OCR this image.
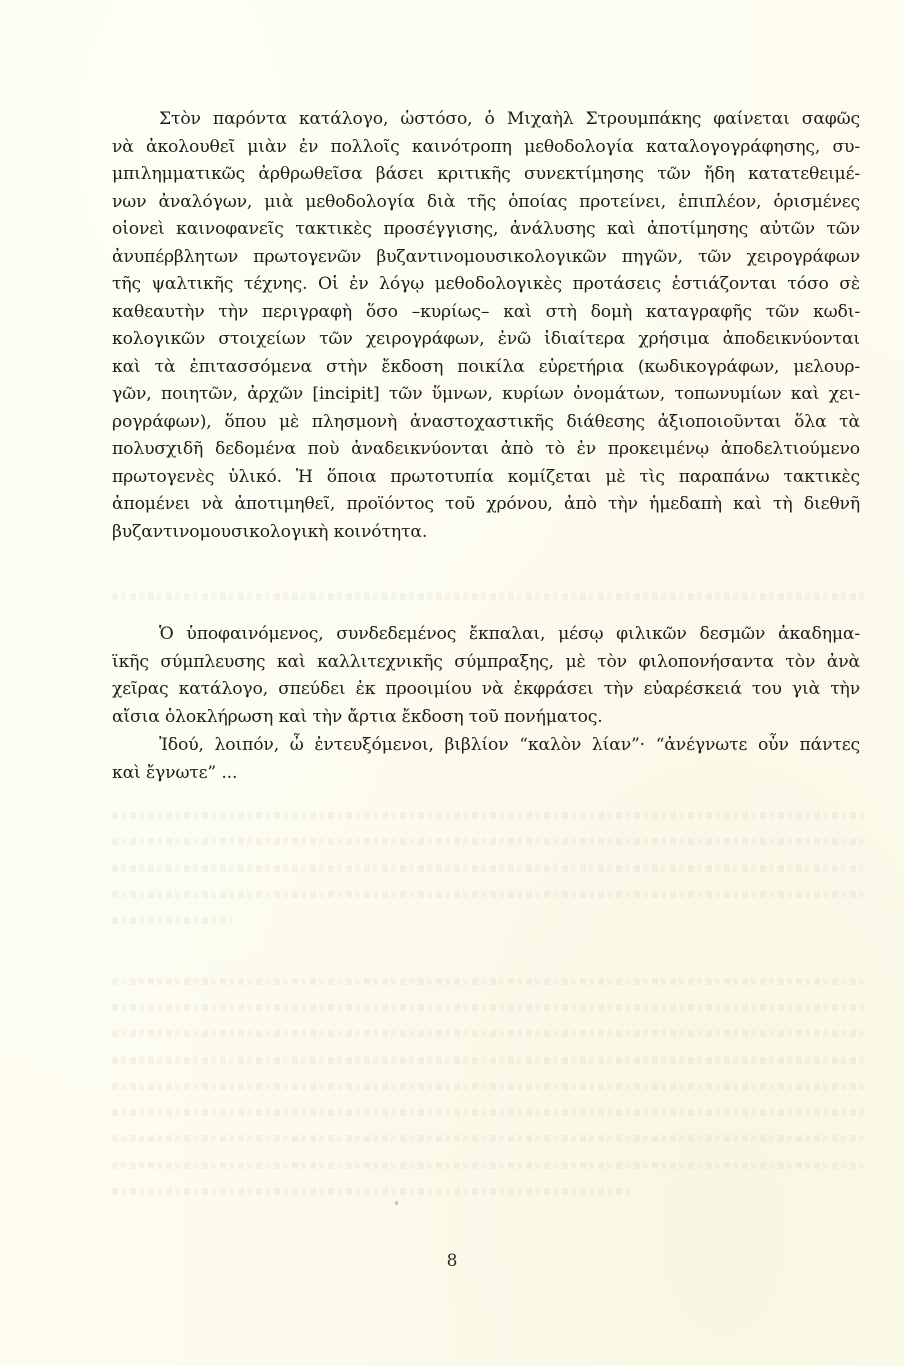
Στὸν παρόντα κατάλογο, ὡστόσο, ὁ Μιχαὴλ Στρουμπάκης φαίνεται σαφῶς
νὰ ἀκολουθεῖ μιὰν ἐν πολλοῖς καινότροπη μεθοδολογία καταλογογράφησης, συ-
μπιλημματικῶς ἀρθρωθεῖσα βάσει κριτικῆς συνεκτίμησης τῶν ἤδη κατατεθειμέ-
νων ἀναλόγων, μιὰ μεθοδολογία διὰ τῆς ὁποίας προτείνει, ἐπιπλέον, ὁρισμένες
οἱονεὶ καινοφανεῖς τακτικὲς προσέγγισης, ἀνάλυσης καὶ ἀποτίμησης αὐτῶν τῶν
ἀνυπέρβλητων πρωτογενῶν βυζαντινομουσικολογικῶν πηγῶν, τῶν χειρογράφων
τῆς ψαλτικῆς τέχνης. Οἱ ἐν λόγῳ μεθοδολογικὲς προτάσεις ἑστιάζονται τόσο σὲ
καθεαυτὴν τὴν περιγραφὴ ὅσο –κυρίως– καὶ στὴ δομὴ καταγραφῆς τῶν κωδι-
κολογικῶν στοιχείων τῶν χειρογράφων, ἐνῶ ἰδιαίτερα χρήσιμα ἀποδεικνύονται
καὶ τὰ ἐπιτασσόμενα στὴν ἔκδοση ποικίλα εὑρετήρια (κωδικογράφων, μελουρ-
γῶν, ποιητῶν, ἀρχῶν [incipit] τῶν ὕμνων, κυρίων ὀνομάτων, τοπωνυμίων καὶ χει-
ρογράφων), ὅπου μὲ πλησμονὴ ἀναστοχαστικῆς διάθεσης ἀξιοποιοῦνται ὅλα τὰ
πολυσχιδῆ δεδομένα ποὺ ἀναδεικνύονται ἀπὸ τὸ ἐν προκειμένῳ ἀποδελτιούμενο
πρωτογενὲς ὑλικό. Ἡ ὅποια πρωτοτυπία κομίζεται μὲ τὶς παραπάνω τακτικὲς
ἀπομένει νὰ ἀποτιμηθεῖ, προϊόντος τοῦ χρόνου, ἀπὸ τὴν ἡμεδαπὴ καὶ τὴ διεθνῆ
βυζαντινομουσικολογικὴ κοινότητα.
Ὁ ὑποφαινόμενος, συνδεδεμένος ἔκπαλαι, μέσῳ φιλικῶν δεσμῶν ἀκαδημα-
ϊκῆς σύμπλευσης καὶ καλλιτεχνικῆς σύμπραξης, μὲ τὸν φιλοπονήσαντα τὸν ἀνὰ
χεῖρας κατάλογο, σπεύδει ἐκ προοιμίου νὰ ἐκφράσει τὴν εὐαρέσκειά του γιὰ τὴν
αἴσια ὁλοκλήρωση καὶ τὴν ἄρτια ἔκδοση τοῦ πονήματος.
Ἰδού, λοιπόν, ὦ ἐντευξόμενοι, βιβλίον “καλὸν λίαν”· “ἀνέγνωτε οὖν πάντες
καὶ ἔγνωτε” ...
8
